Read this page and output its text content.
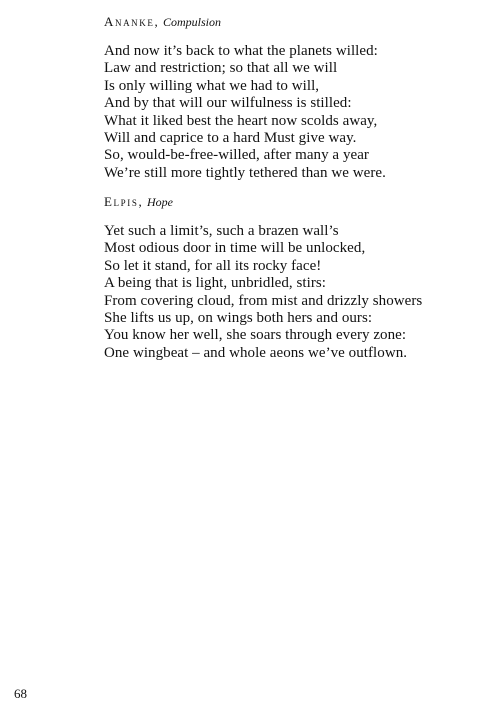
Ananke, Compulsion
And now it’s back to what the planets willed:
Law and restriction; so that all we will
Is only willing what we had to will,
And by that will our wilfulness is stilled:
What it liked best the heart now scolds away,
Will and caprice to a hard Must give way.
So, would-be-free-willed, after many a year
We’re still more tightly tethered than we were.
Elpis, Hope
Yet such a limit’s, such a brazen wall’s
Most odious door in time will be unlocked,
So let it stand, for all its rocky face!
A being that is light, unbridled, stirs:
From covering cloud, from mist and drizzly showers
She lifts us up, on wings both hers and ours:
You know her well, she soars through every zone:
One wingbeat – and whole aeons we’ve outflown.
68
